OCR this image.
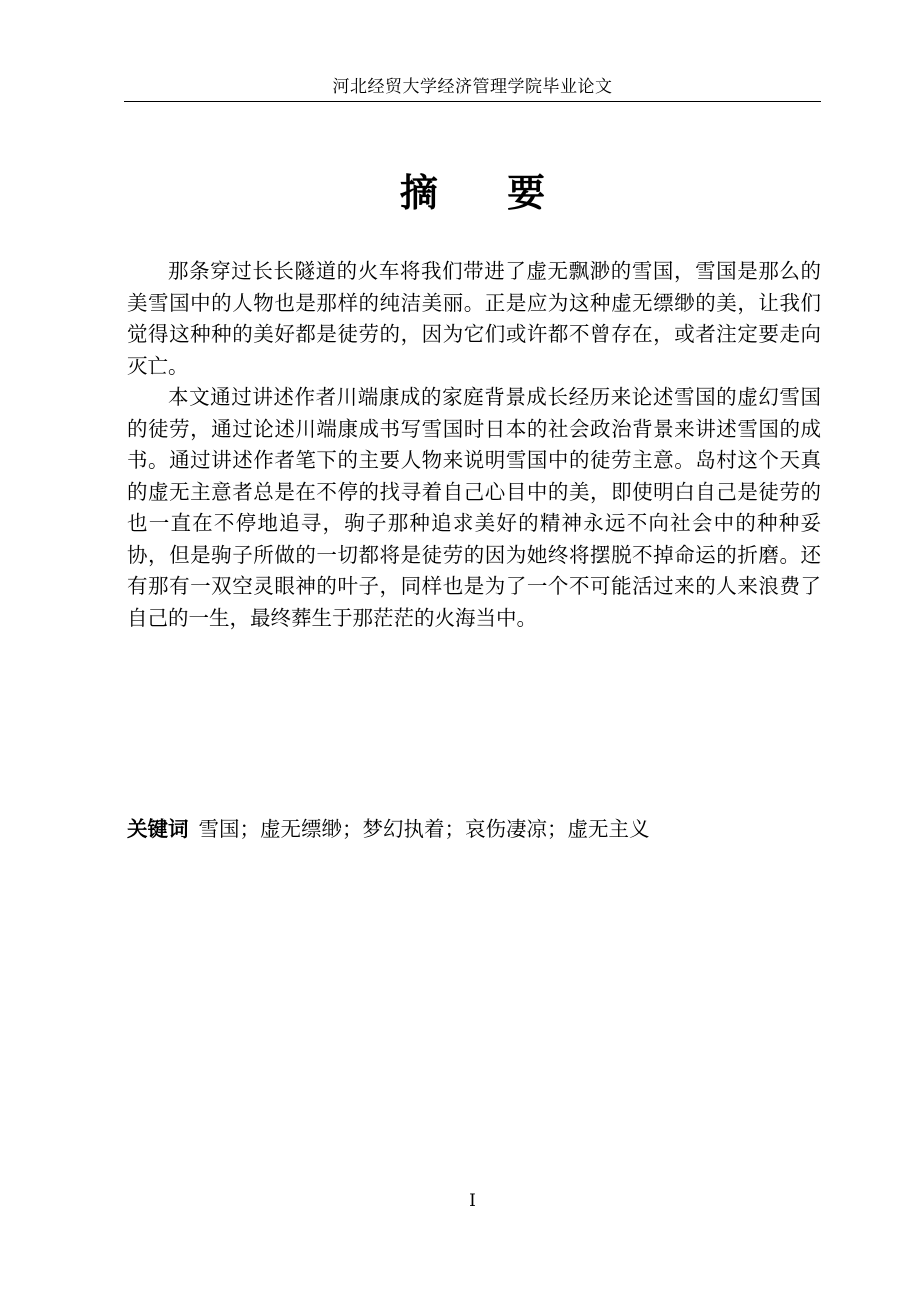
河北经贸大学经济管理学院毕业论文
摘 要

那条穿过长长隧道的火车将我们带进了虚无飘渺的雪国，雪国是那么的美雪国中的人物也是那样的纯洁美丽。正是应为这种虚无缥缈的美，让我们觉得这种种的美好都是徒劳的，因为它们或许都不曾存在，或者注定要走向灭亡。

本文通过讲述作者川端康成的家庭背景成长经历来论述雪国的虚幻雪国的徒劳，通过论述川端康成书写雪国时日本的社会政治背景来讲述雪国的成书。通过讲述作者笔下的主要人物来说明雪国中的徒劳主意。岛村这个天真的虚无主意者总是在不停的找寻着自己心目中的美，即使明白自己是徒劳的也一直在不停地追寻，驹子那种追求美好的精神永远不向社会中的种种妥协，但是驹子所做的一切都将是徒劳的因为她终将摆脱不掉命运的折磨。还有那有一双空灵眼神的叶子，同样也是为了一个不可能活过来的人来浪费了自己的一生，最终葬生于那茫茫的火海当中。

关键词 雪国；虚无缥缈；梦幻执着；哀伤凄凉；虚无主义
I
